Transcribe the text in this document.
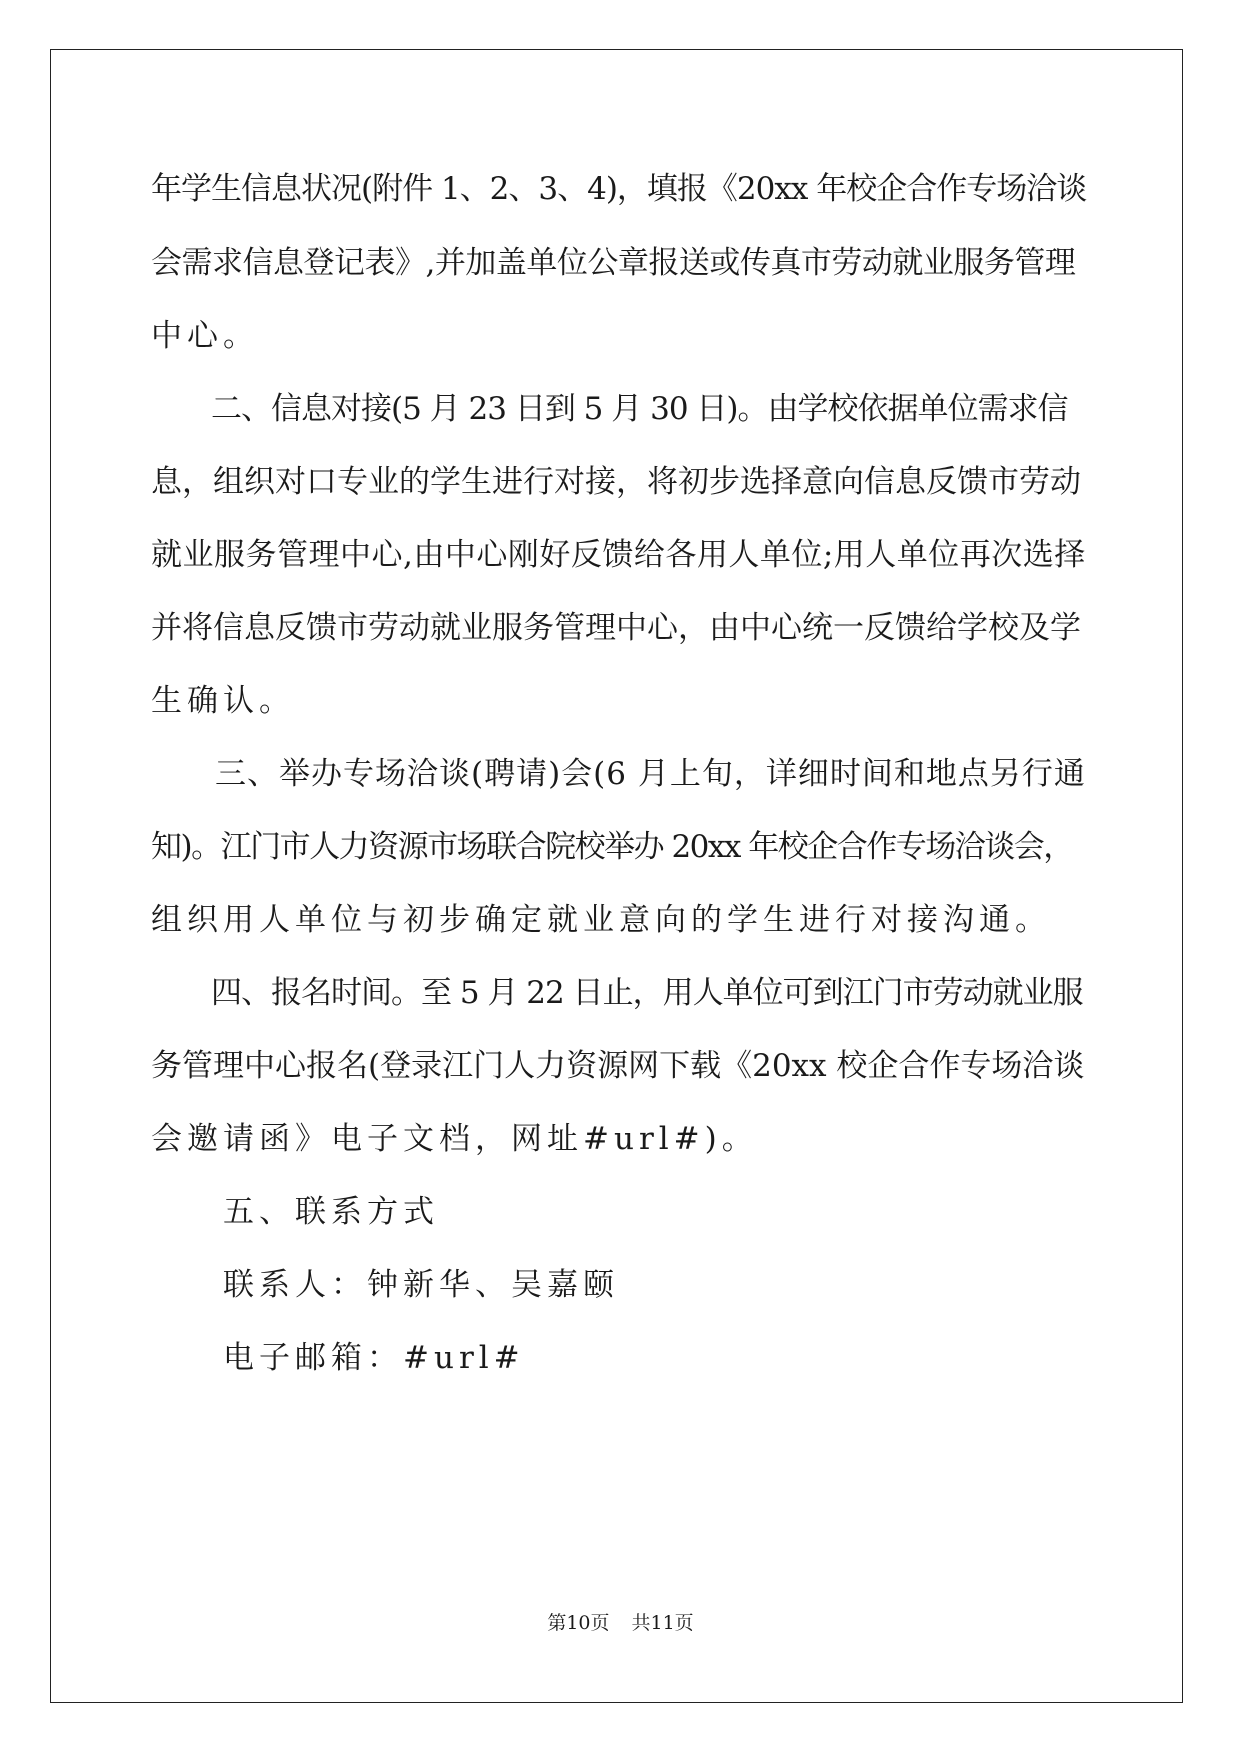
年学生信息状况(附件 1、2、3、4)，填报《20xx 年校企合作专场洽谈

会需求信息登记表》,并加盖单位公章报送或传真市劳动就业服务管理

中心。

　　二、信息对接(5 月 23 日到 5 月 30 日)。由学校依据单位需求信

息，组织对口专业的学生进行对接，将初步选择意向信息反馈市劳动

就业服务管理中心,由中心刚好反馈给各用人单位;用人单位再次选择

并将信息反馈市劳动就业服务管理中心，由中心统一反馈给学校及学

生确认。

　　三、举办专场洽谈(聘请)会(6 月上旬，详细时间和地点另行通

知)。江门市人力资源市场联合院校举办 20xx 年校企合作专场洽谈会，

组织用人单位与初步确定就业意向的学生进行对接沟通。

　　四、报名时间。至 5 月 22 日止，用人单位可到江门市劳动就业服

务管理中心报名(登录江门人力资源网下载《20xx 校企合作专场洽谈

会邀请函》电子文档，网址#url#)。

　　五、联系方式

　　联系人：钟新华、吴嘉颐

　　电子邮箱：#url#

第10页 共11页
